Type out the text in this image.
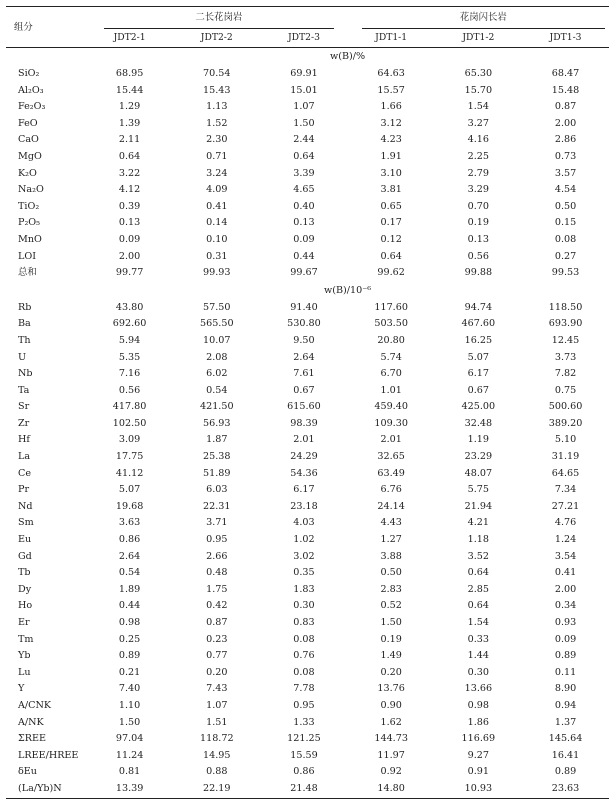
组分	二长花岗岩			花岗闪长岩		

	JDT2-1	JDT2-2	JDT2-3	JDT1-1	JDT1-2	JDT1-3
	w(B)/%					
SiO₂	68.95	70.54	69.91	64.63	65.30	68.47
Al₂O₃	15.44	15.43	15.01	15.57	15.70	15.48
Fe₂O₃	1.29	1.13	1.07	1.66	1.54	0.87
FeO	1.39	1.52	1.50	3.12	3.27	2.00
CaO	2.11	2.30	2.44	4.23	4.16	2.86
MgO	0.64	0.71	0.64	1.91	2.25	0.73
K₂O	3.22	3.24	3.39	3.10	2.79	3.57
Na₂O	4.12	4.09	4.65	3.81	3.29	4.54
TiO₂	0.39	0.41	0.40	0.65	0.70	0.50
P₂O₅	0.13	0.14	0.13	0.17	0.19	0.15
MnO	0.09	0.10	0.09	0.12	0.13	0.08
LOI	2.00	0.31	0.44	0.64	0.56	0.27
总和	99.77	99.93	99.67	99.62	99.88	99.53
	w(B)/10⁻⁶					
Rb	43.80	57.50	91.40	117.60	94.74	118.50
Ba	692.60	565.50	530.80	503.50	467.60	693.90
Th	5.94	10.07	9.50	20.80	16.25	12.45
U	5.35	2.08	2.64	5.74	5.07	3.73
Nb	7.16	6.02	7.61	6.70	6.17	7.82
Ta	0.56	0.54	0.67	1.01	0.67	0.75
Sr	417.80	421.50	615.60	459.40	425.00	500.60
Zr	102.50	56.93	98.39	109.30	32.48	389.20
Hf	3.09	1.87	2.01	2.01	1.19	5.10
La	17.75	25.38	24.29	32.65	23.29	31.19
Ce	41.12	51.89	54.36	63.49	48.07	64.65
Pr	5.07	6.03	6.17	6.76	5.75	7.34
Nd	19.68	22.31	23.18	24.14	21.94	27.21
Sm	3.63	3.71	4.03	4.43	4.21	4.76
Eu	0.86	0.95	1.02	1.27	1.18	1.24
Gd	2.64	2.66	3.02	3.88	3.52	3.54
Tb	0.54	0.48	0.35	0.50	0.64	0.41
Dy	1.89	1.75	1.83	2.83	2.85	2.00
Ho	0.44	0.42	0.30	0.52	0.64	0.34
Er	0.98	0.87	0.83	1.50	1.54	0.93
Tm	0.25	0.23	0.08	0.19	0.33	0.09
Yb	0.89	0.77	0.76	1.49	1.44	0.89
Lu	0.21	0.20	0.08	0.20	0.30	0.11
Y	7.40	7.43	7.78	13.76	13.66	8.90
A/CNK	1.10	1.07	0.95	0.90	0.98	0.94
A/NK	1.50	1.51	1.33	1.62	1.86	1.37
ΣREE	97.04	118.72	121.25	144.73	116.69	145.64
LREE/HREE	11.24	14.95	15.59	11.97	9.27	16.41
δEu	0.81	0.88	0.86	0.92	0.91	0.89
(La/Yb)N	13.39	22.19	21.48	14.80	10.93	23.63
